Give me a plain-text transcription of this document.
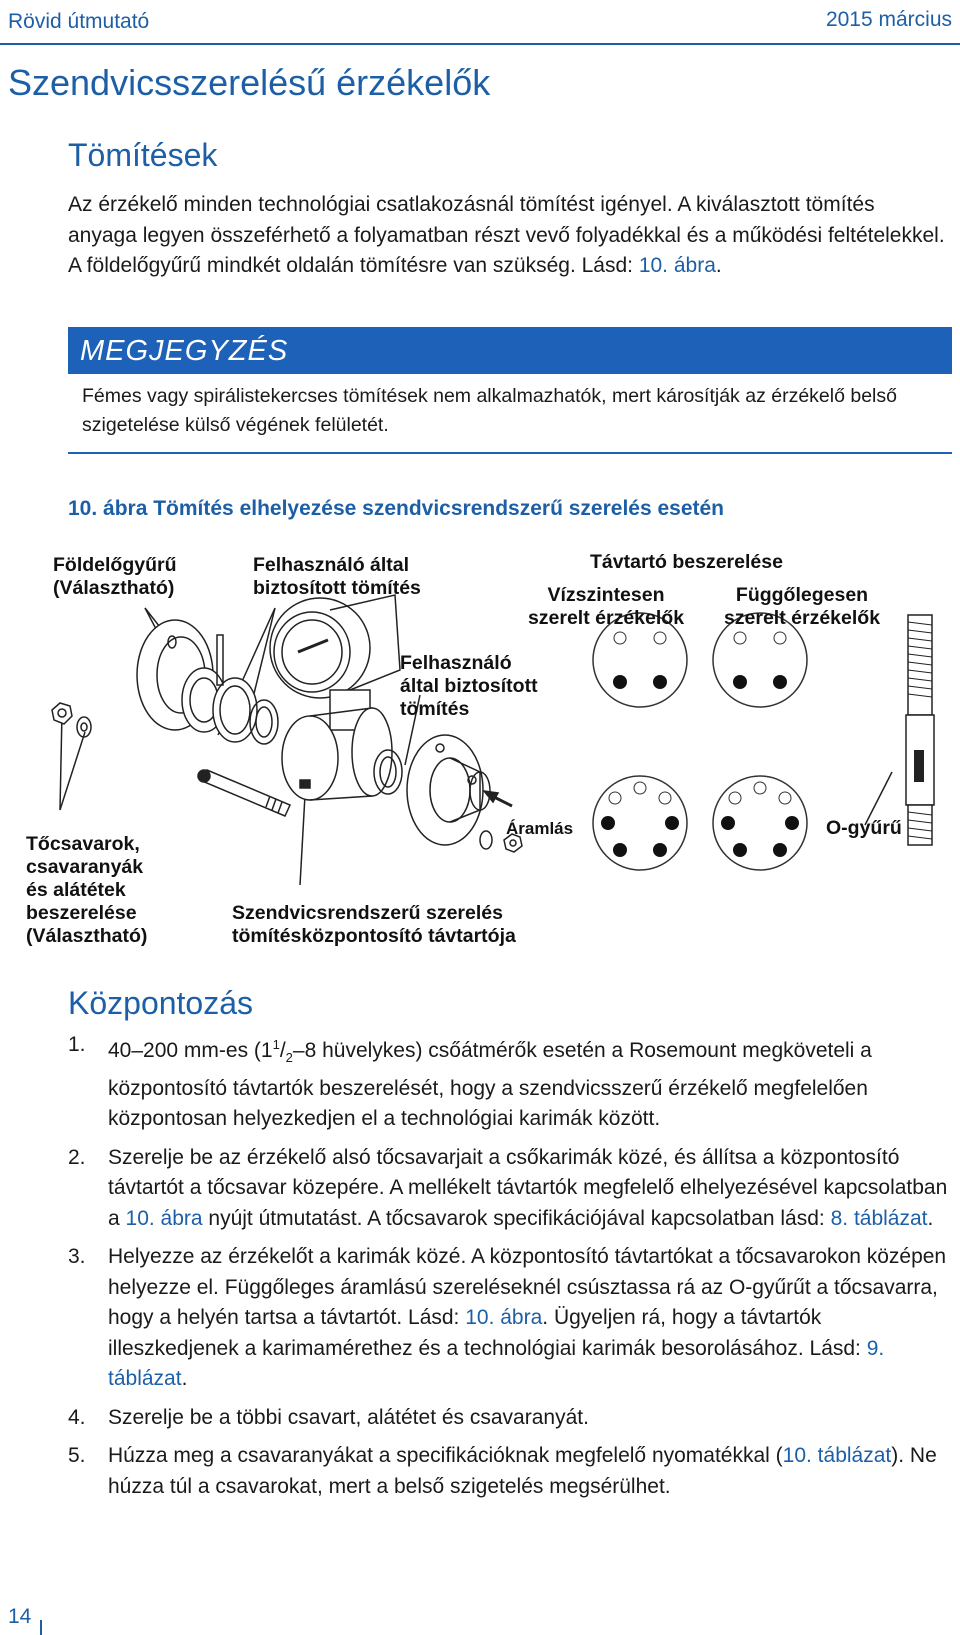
Rövid útmutató	2015 március
Szendvicsszerelésű érzékelők
Tömítések
Az érzékelő minden technológiai csatlakozásnál tömítést igényel. A kiválasztott tömítés anyaga legyen összeférhető a folyamatban részt vevő folyadékkal és a működési feltételekkel. A földelőgyűrű mindkét oldalán tömítésre van szükség. Lásd: 10. ábra.
MEGJEGYZÉS
Fémes vagy spirálistekercses tömítések nem alkalmazhatók, mert károsítják az érzékelő belső szigetelése külső végének felületét.
10. ábra Tömítés elhelyezése szendvicsrendszerű szerelés esetén
Földelőgyűrű
(Választható)
Felhasználó által
biztosított tömítés
Távtartó beszerelése
Vízszintesen
szerelt érzékelők
Függőlegesen
szerelt érzékelők
Felhasználó
által biztosított
tömítés
Tőcsavarok,
csavaranyák
és alátétek
beszerelése
(Választható)
Áramlás	O-gyűrű
Szendvicsrendszerű szerelés
tömítésközpontosító távtartója
Központozás
1. 40–200 mm-es ($1^1/_2-8$ hüvelykes) csőátmérők esetén a Rosemount megköveteli a központosító távtartók beszerelését, hogy a szendvicsszerű érzékelő megfelelően központosan helyezkedjen el a technológiai karimák között.
2. Szerelje be az érzékelő alsó tőcsavarjait a csőkarimák közé, és állítsa a központosító távtartót a tőcsavar közepére. A mellékelt távtartók megfelelő elhelyezésével kapcsolatban a 10. ábra nyújt útmutatást. A tőcsavarok specifikációjával kapcsolatban lásd: 8. táblázat.
3. Helyezze az érzékelőt a karimák közé. A központosító távtartókat a tőcsavarokon középen helyezze el. Függőleges áramlású szereléseknél csúsztassa rá az O-gyűrűt a tőcsavarra, hogy a helyén tartsa a távtartót. Lásd: 10. ábra. Ügyeljen rá, hogy a távtartók illeszkedjenek a karimamérethez és a technológiai karimák besorolásához. Lásd: 9. táblázat.
4. Szerelje be a többi csavart, alátétet és csavaranyát.
5. Húzza meg a csavaranyákat a specifikációknak megfelelő nyomatékkal (10. táblázat). Ne húzza túl a csavarokat, mert a belső szigetelés megsérülhet.
14
